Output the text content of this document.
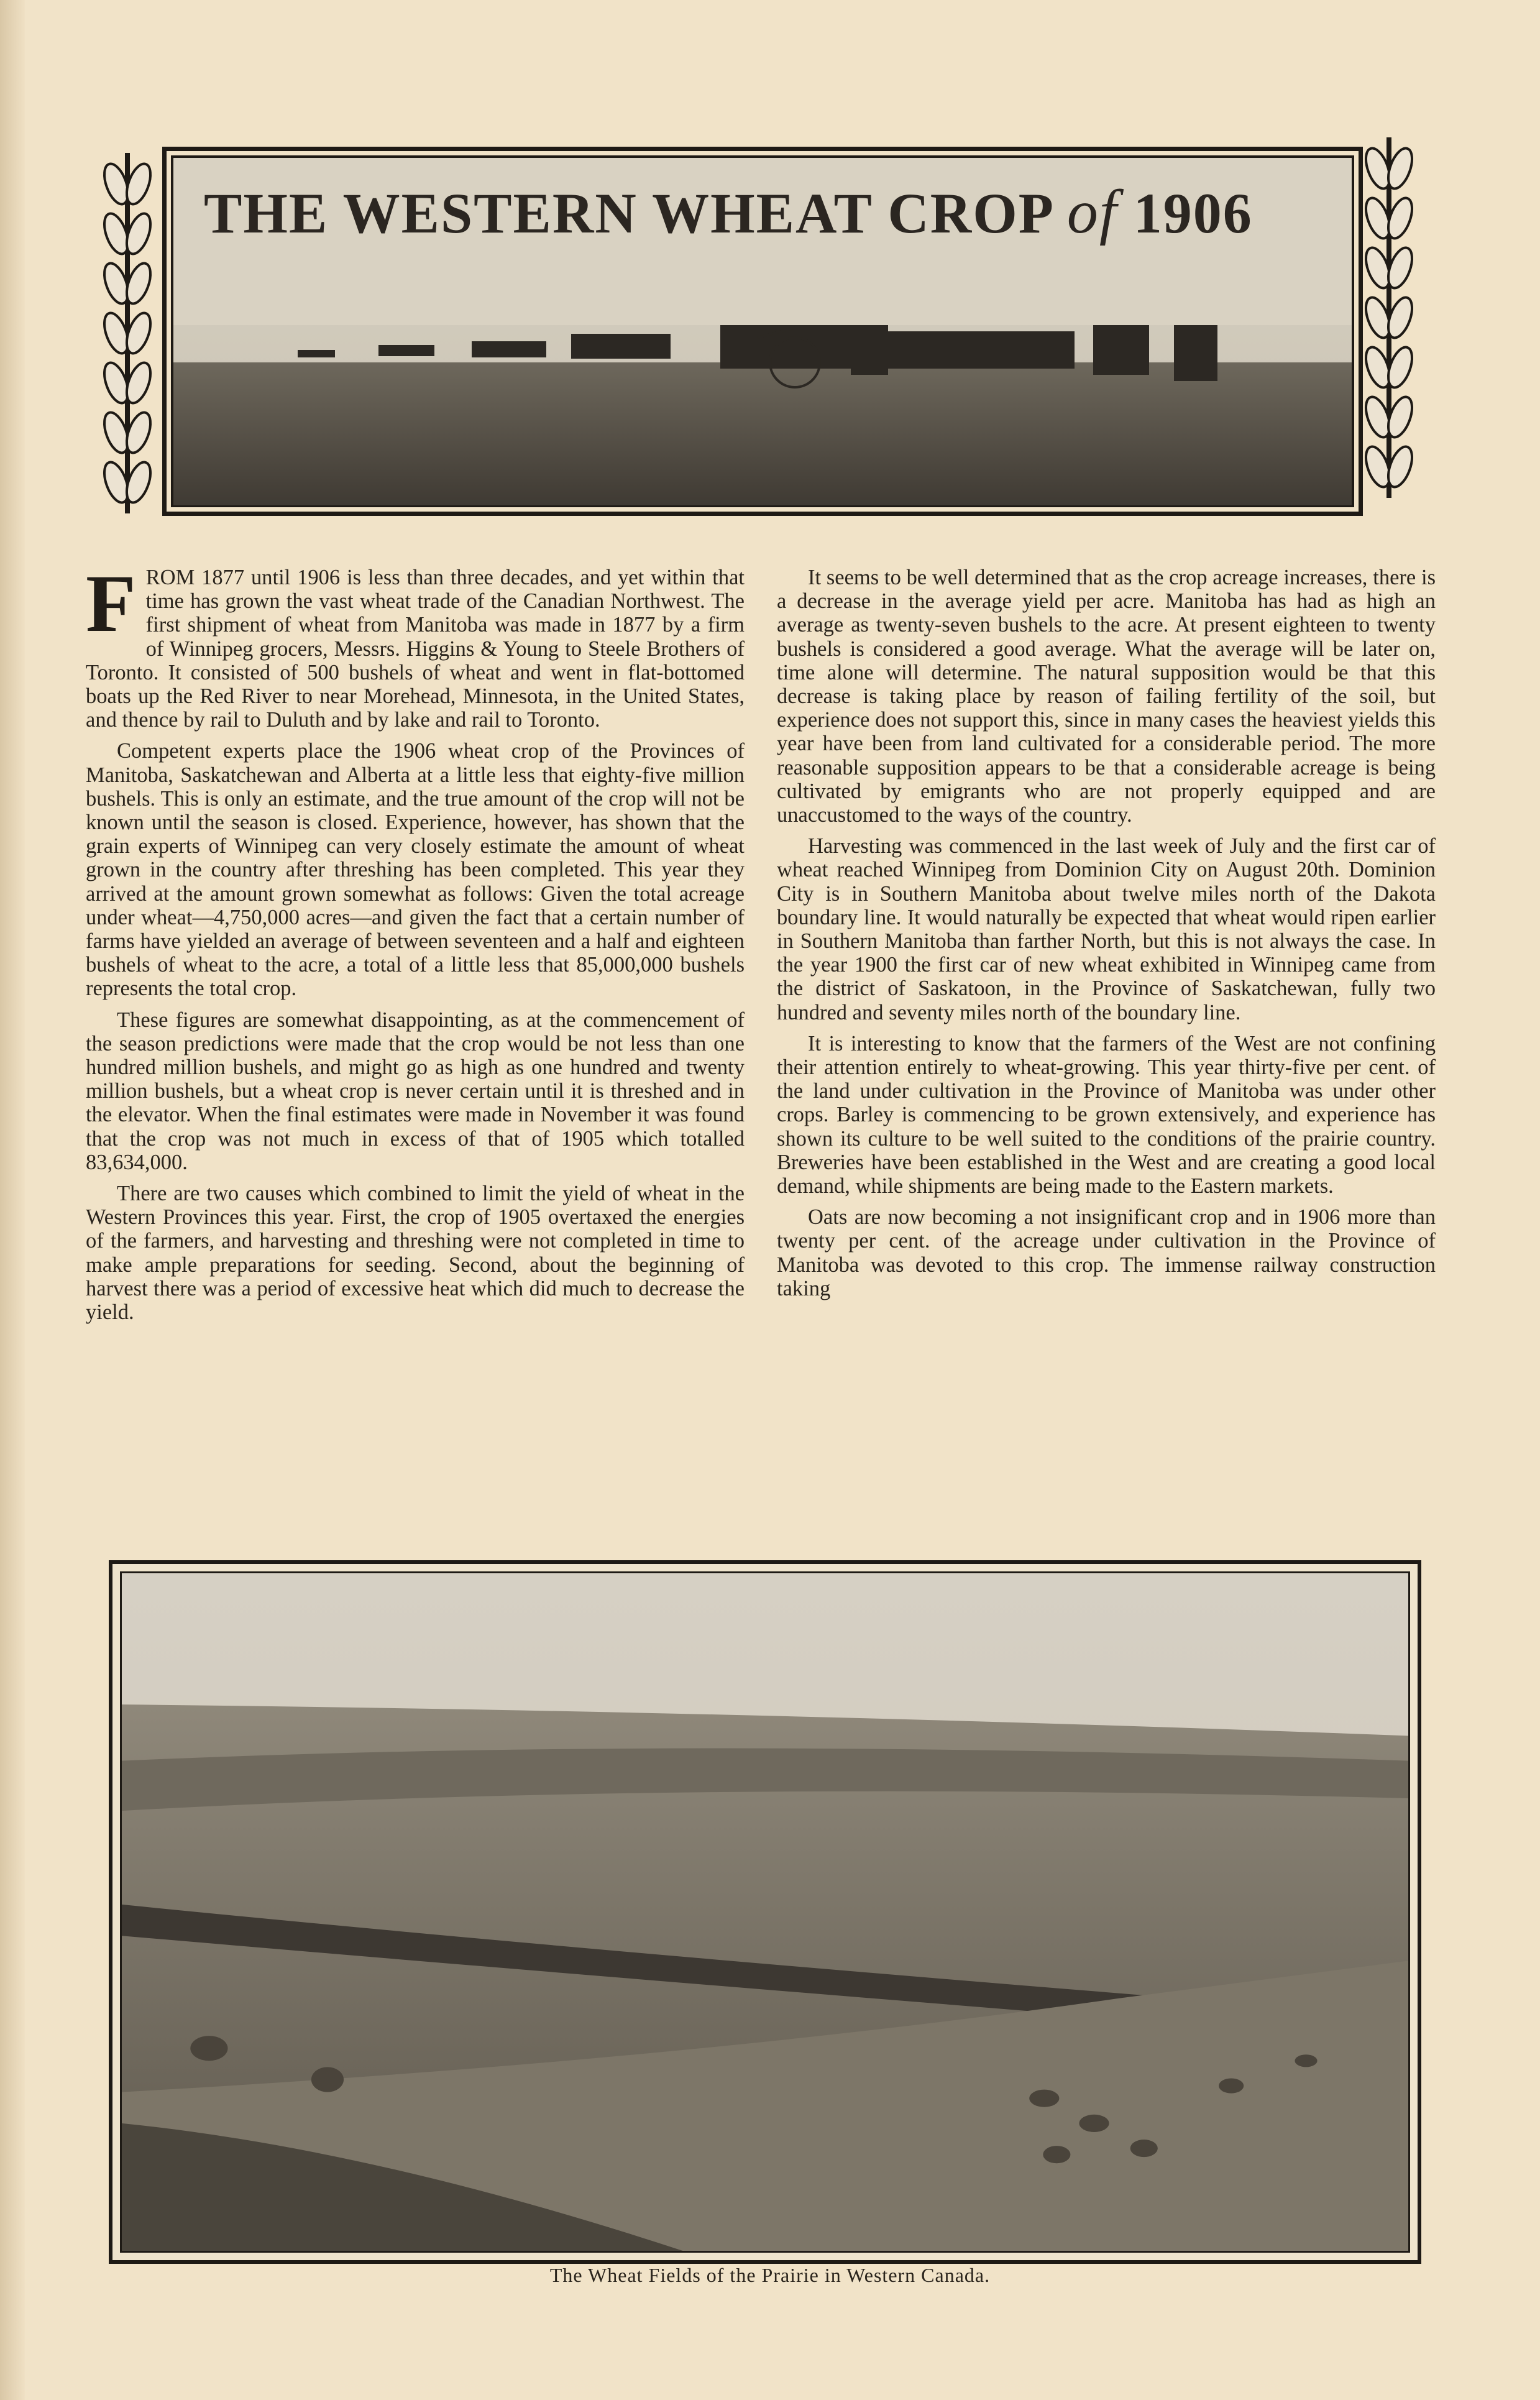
THE WESTERN WHEAT CROP of 1906

FROM 1877 until 1906 is less than three decades, and yet within that time has grown the vast wheat trade of the Canadian Northwest. The first shipment of wheat from Manitoba was made in 1877 by a firm of Winnipeg grocers, Messrs. Higgins & Young to Steele Brothers of Toronto. It consisted of 500 bushels of wheat and went in flat-bottomed boats up the Red River to near Morehead, Minnesota, in the United States, and thence by rail to Duluth and by lake and rail to Toronto.

Competent experts place the 1906 wheat crop of the Provinces of Manitoba, Saskatchewan and Alberta at a little less that eighty-five million bushels. This is only an estimate, and the true amount of the crop will not be known until the season is closed. Experience, however, has shown that the grain experts of Winnipeg can very closely estimate the amount of wheat grown in the country after threshing has been completed. This year they arrived at the amount grown somewhat as follows: Given the total acreage under wheat—4,750,000 acres—and given the fact that a certain number of farms have yielded an average of between seventeen and a half and eighteen bushels of wheat to the acre, a total of a little less that 85,000,000 bushels represents the total crop.

These figures are somewhat disappointing, as at the commencement of the season predictions were made that the crop would be not less than one hundred million bushels, and might go as high as one hundred and twenty million bushels, but a wheat crop is never certain until it is threshed and in the elevator. When the final estimates were made in November it was found that the crop was not much in excess of that of 1905 which totalled 83,634,000.

There are two causes which combined to limit the yield of wheat in the Western Provinces this year. First, the crop of 1905 overtaxed the energies of the farmers, and harvesting and threshing were not completed in time to make ample preparations for seeding. Second, about the beginning of harvest there was a period of excessive heat which did much to decrease the yield.

It seems to be well determined that as the crop acreage increases, there is a decrease in the average yield per acre. Manitoba has had as high an average as twenty-seven bushels to the acre. At present eighteen to twenty bushels is considered a good average. What the average will be later on, time alone will determine. The natural supposition would be that this decrease is taking place by reason of failing fertility of the soil, but experience does not support this, since in many cases the heaviest yields this year have been from land cultivated for a considerable period. The more reasonable supposition appears to be that a considerable acreage is being cultivated by emigrants who are not properly equipped and are unaccustomed to the ways of the country.

Harvesting was commenced in the last week of July and the first car of wheat reached Winnipeg from Dominion City on August 20th. Dominion City is in Southern Manitoba about twelve miles north of the Dakota boundary line. It would naturally be expected that wheat would ripen earlier in Southern Manitoba than farther North, but this is not always the case. In the year 1900 the first car of new wheat exhibited in Winnipeg came from the district of Saskatoon, in the Province of Saskatchewan, fully two hundred and seventy miles north of the boundary line.

It is interesting to know that the farmers of the West are not confining their attention entirely to wheat-growing. This year thirty-five per cent. of the land under cultivation in the Province of Manitoba was under other crops. Barley is commencing to be grown extensively, and experience has shown its culture to be well suited to the conditions of the prairie country. Breweries have been established in the West and are creating a good local demand, while shipments are being made to the Eastern markets.

Oats are now becoming a not insignificant crop and in 1906 more than twenty per cent. of the acreage under cultivation in the Province of Manitoba was devoted to this crop. The immense railway construction taking

The Wheat Fields of the Prairie in Western Canada.
